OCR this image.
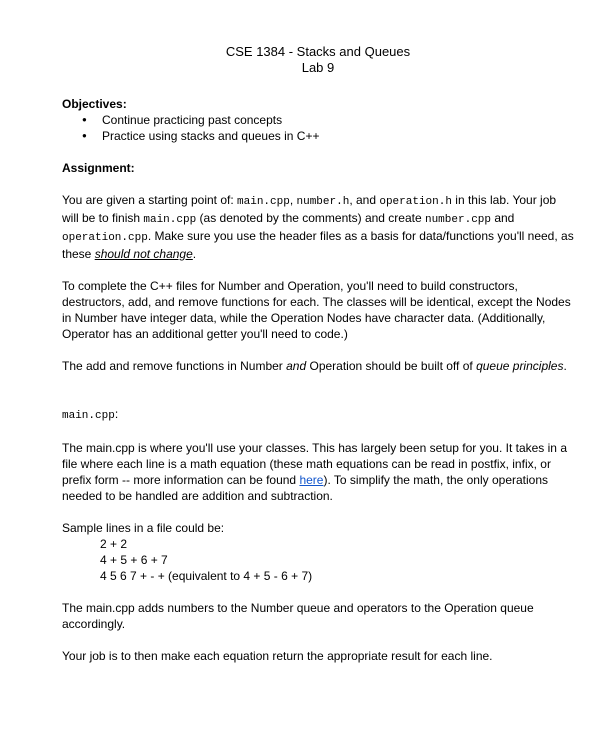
CSE 1384 - Stacks and Queues
Lab 9
Objectives:
● Continue practicing past concepts
● Practice using stacks and queues in C++
Assignment:

You are given a starting point of: main.cpp, number.h, and operation.h in this lab. Your job will be to finish main.cpp (as denoted by the comments) and create number.cpp and operation.cpp. Make sure you use the header files as a basis for data/functions you'll need, as these should not change.

To complete the C++ files for Number and Operation, you'll need to build constructors, destructors, add, and remove functions for each. The classes will be identical, except the Nodes in Number have integer data, while the Operation Nodes have character data. (Additionally, Operator has an additional getter you'll need to code.)

The add and remove functions in Number and Operation should be built off of queue principles.

main.cpp:

The main.cpp is where you'll use your classes. This has largely been setup for you. It takes in a file where each line is a math equation (these math equations can be read in postfix, infix, or prefix form -- more information can be found here). To simplify the math, the only operations needed to be handled are addition and subtraction.

Sample lines in a file could be:

2 + 2
4 + 5 + 6 + 7
4 5 6 7 + - + (equivalent to 4 + 5 - 6 + 7)

The main.cpp adds numbers to the Number queue and operators to the Operation queue accordingly.

Your job is to then make each equation return the appropriate result for each line.
